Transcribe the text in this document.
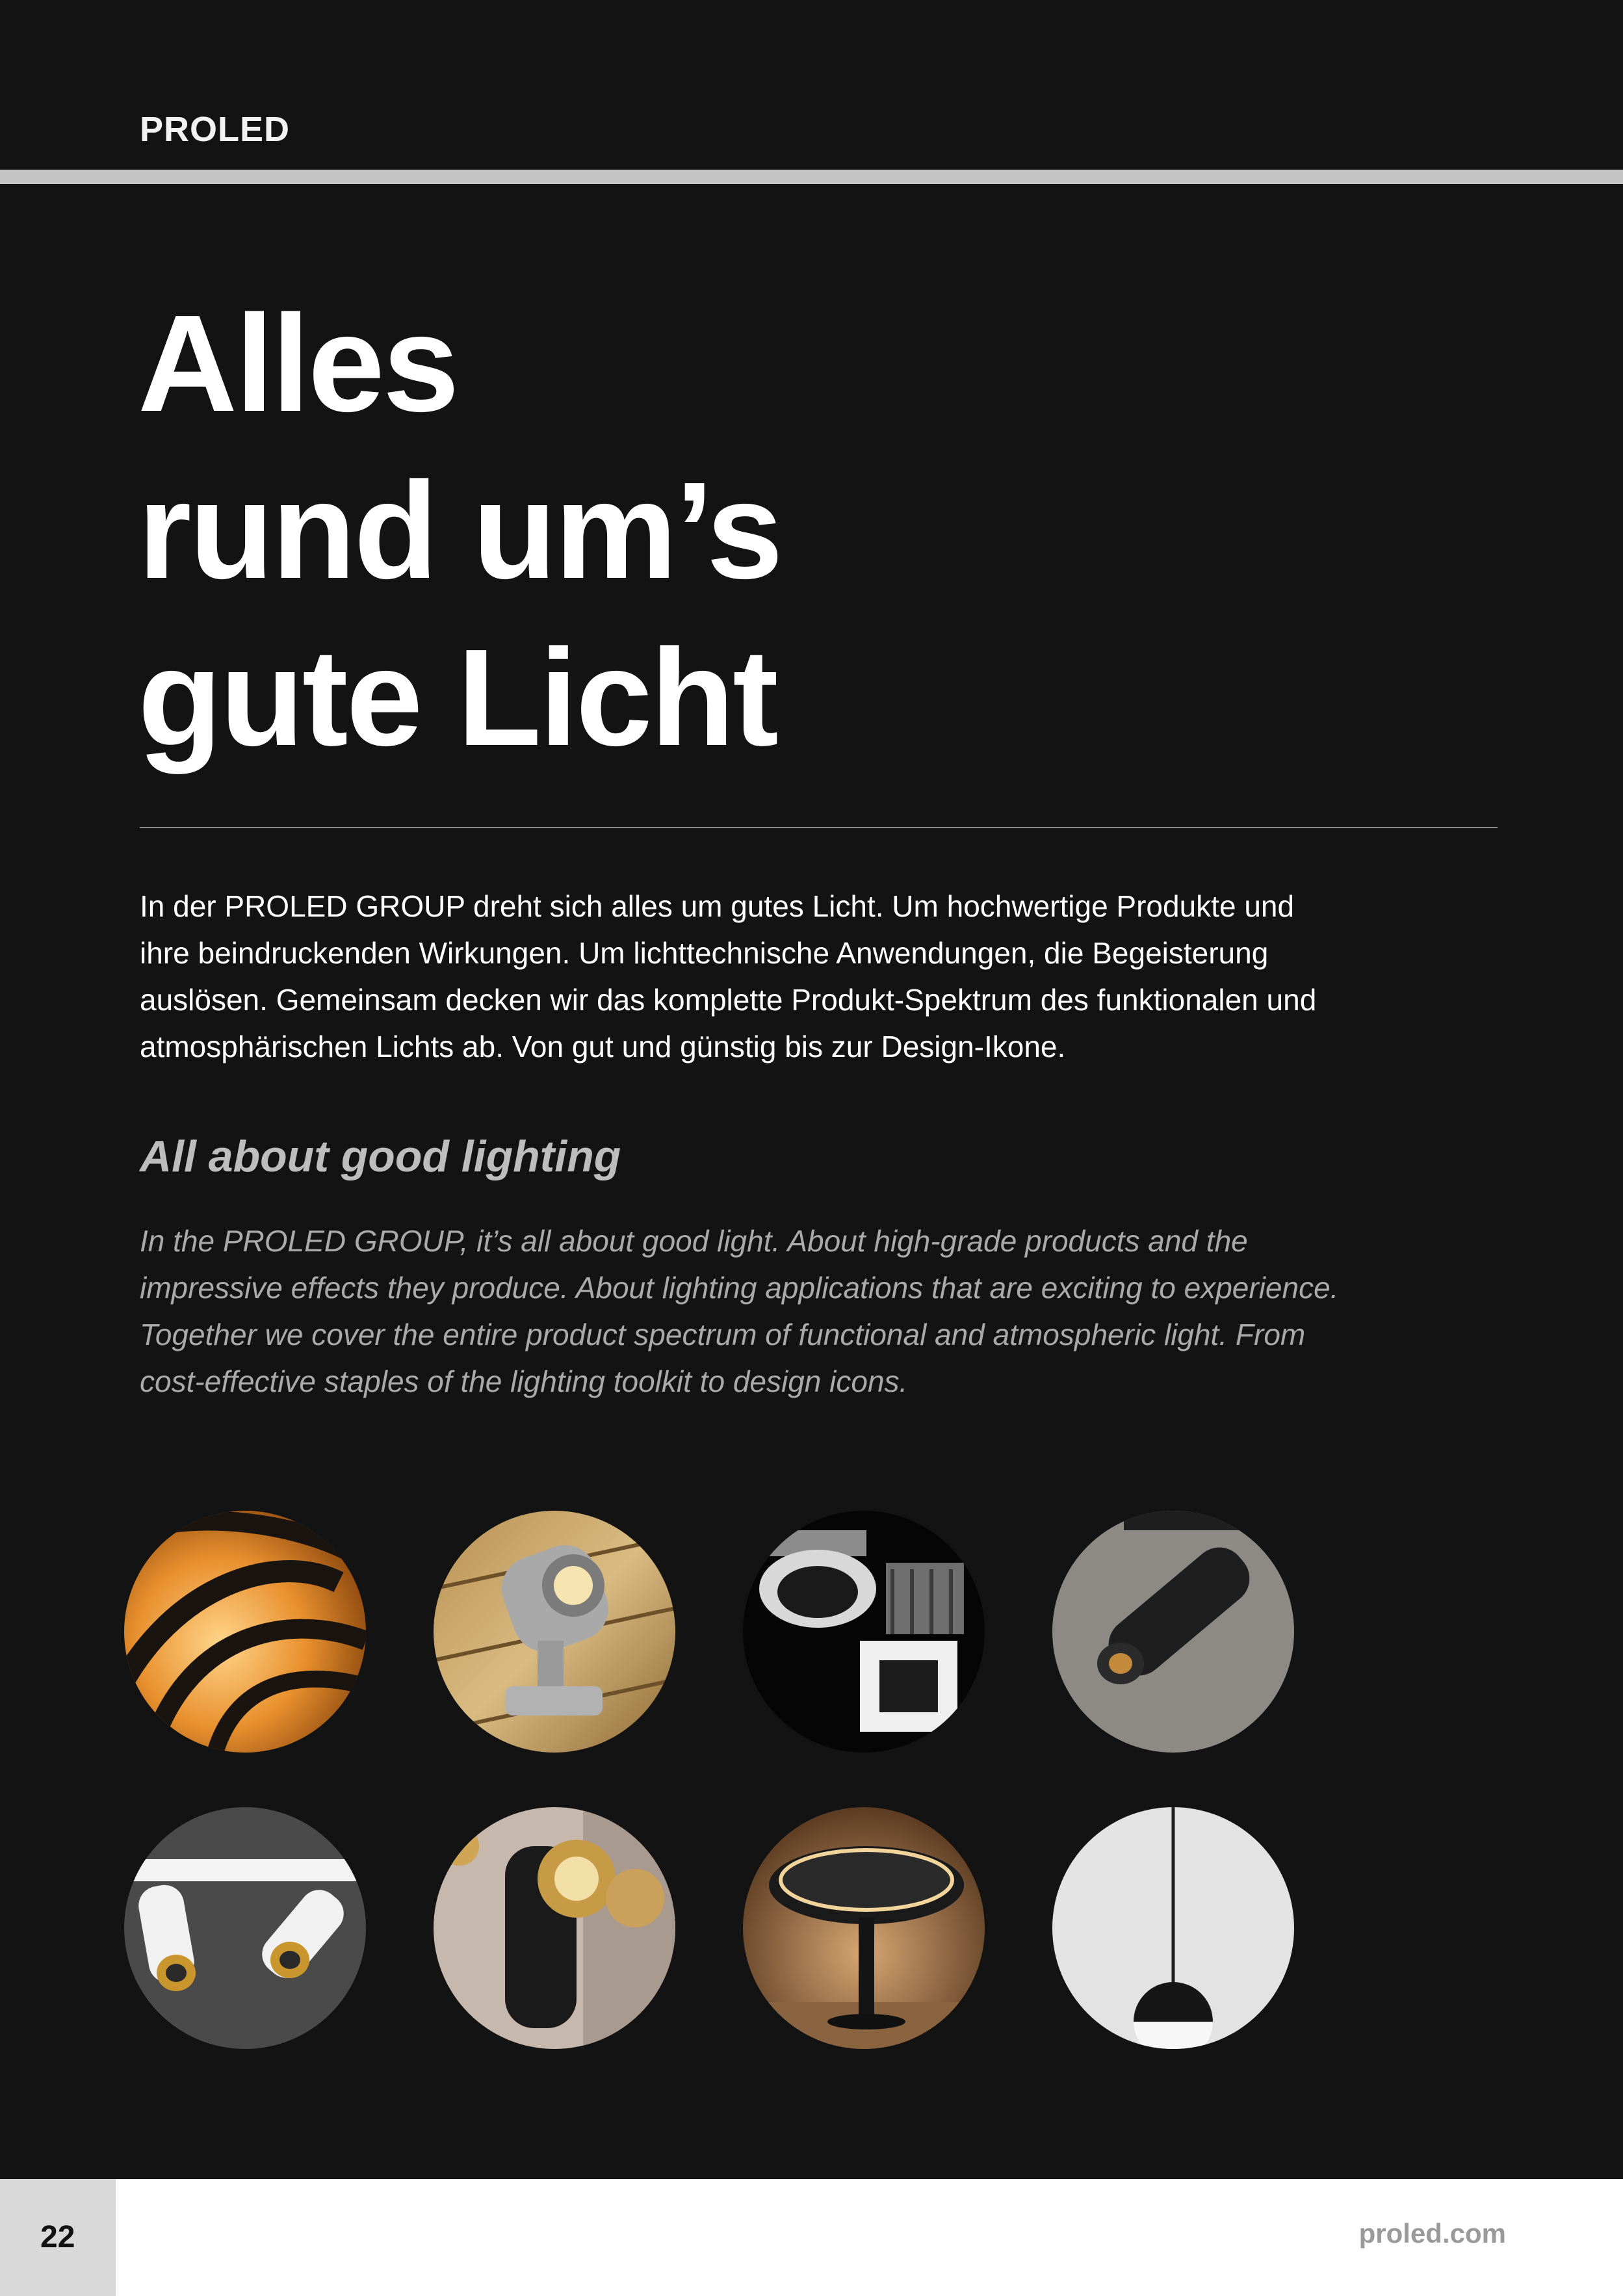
PROLED
Alles
rund um’s
gute Licht

In der PROLED GROUP dreht sich alles um gutes Licht. Um hochwertige Produkte und ihre beindruckenden Wirkungen. Um lichttechnische Anwendungen, die Begeisterung auslösen. Gemeinsam decken wir das komplette Produkt-Spektrum des funktionalen und atmosphärischen Lichts ab. Von gut und günstig bis zur Design-Ikone.

All about good lighting

In the PROLED GROUP, it’s all about good light. About high-grade products and the impressive effects they produce. About lighting applications that are exciting to experience. Together we cover the entire product spectrum of functional and atmospheric light. From cost-effective staples of the lighting toolkit to design icons.

22	proled.com
